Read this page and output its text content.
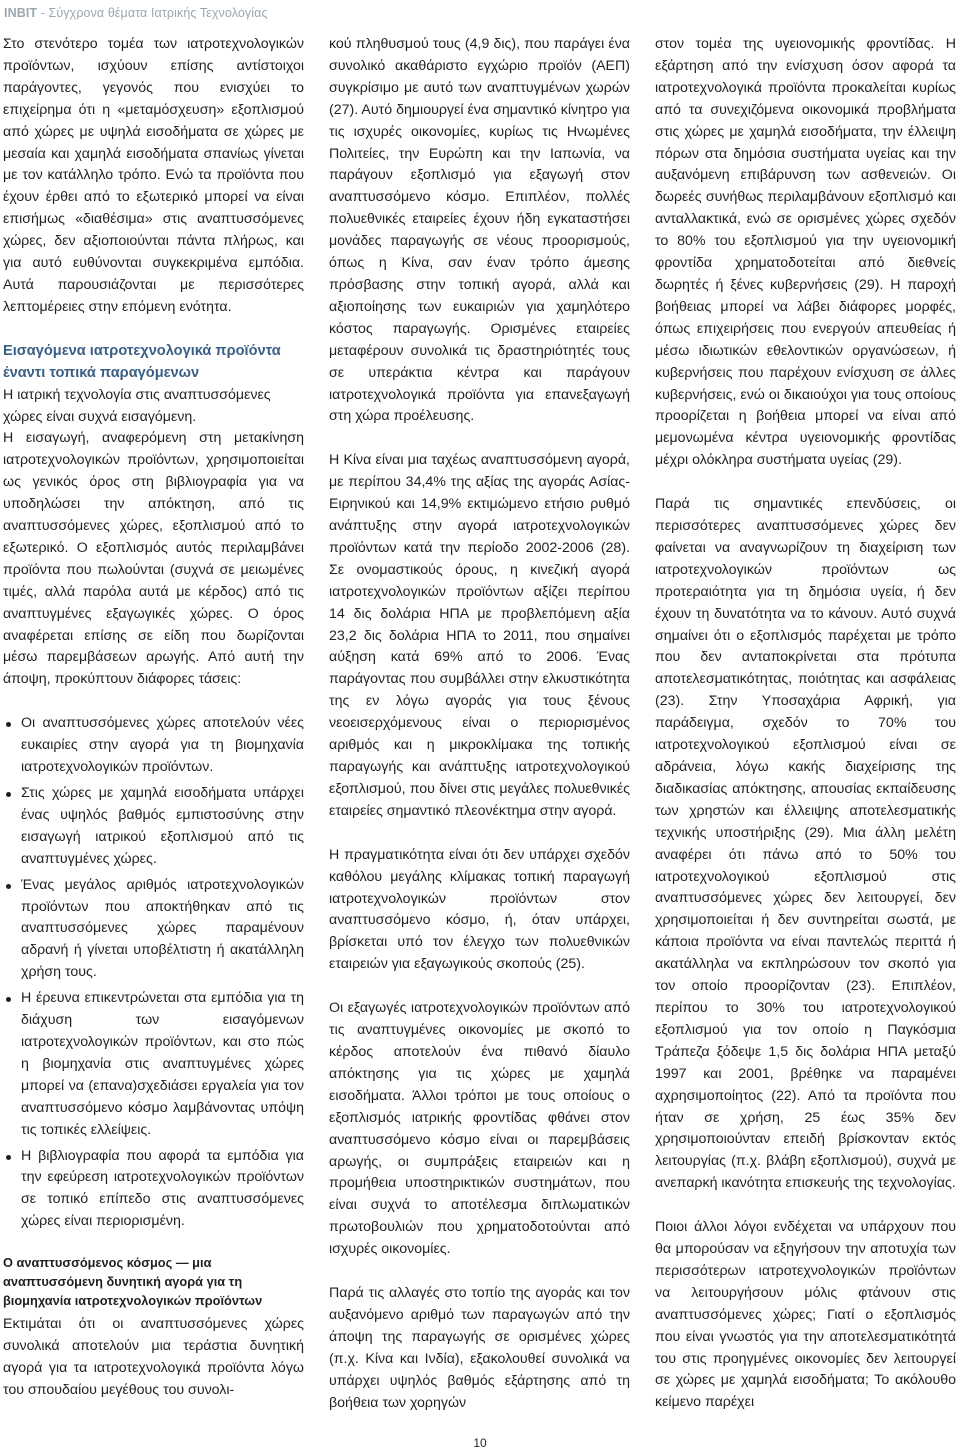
INBIT - Σύγχρονα θέματα Ιατρικής Τεχνολογίας

Στο στενότερο τομέα των ιατροτεχνολογικών προϊόντων, ισχύουν επίσης αντίστοιχοι παράγοντες, γεγονός που ενισχύει το επιχείρημα ότι η «μεταμόσχευση» εξοπλισμού από χώρες με υψηλά εισοδήματα σε χώρες με μεσαία και χαμηλά εισοδήματα σπανίως γίνεται με τον κατάλληλο τρόπο. Ενώ τα προϊόντα που έχουν έρθει από το εξωτερικό μπορεί να είναι επισήμως «διαθέσιμα» στις αναπτυσσόμενες χώρες, δεν αξιοποιούνται πάντα πλήρως, και για αυτό ευθύνονται συγκεκριμένα εμπόδια. Αυτά παρουσιάζονται με περισσότερες λεπτομέρειες στην επόμενη ενότητα.

Εισαγόμενα ιατροτεχνολογικά προϊόντα έναντι τοπικά παραγόμενων

Η ιατρική τεχνολογία στις αναπτυσσόμενες χώρες είναι συχνά εισαγόμενη.

Η εισαγωγή, αναφερόμενη στη μετακίνηση ιατροτεχνολογικών προϊόντων, χρησιμοποιείται ως γενικός όρος στη βιβλιογραφία για να υποδηλώσει την απόκτηση, από τις αναπτυσσόμενες χώρες, εξοπλισμού από το εξωτερικό. Ο εξοπλισμός αυτός περιλαμβάνει προϊόντα που πωλούνται (συχνά σε μειωμένες τιμές, αλλά παρόλα αυτά με κέρδος) από τις αναπτυγμένες εξαγωγικές χώρες. Ο όρος αναφέρεται επίσης σε είδη που δωρίζονται μέσω παρεμβάσεων αρωγής. Από αυτή την άποψη, προκύπτουν διάφορες τάσεις:

Οι αναπτυσσόμενες χώρες αποτελούν νέες ευκαιρίες στην αγορά για τη βιομηχανία ιατροτεχνολογικών προϊόντων.
Στις χώρες με χαμηλά εισοδήματα υπάρχει ένας υψηλός βαθμός εμπιστοσύνης στην εισαγωγή ιατρικού εξοπλισμού από τις αναπτυγμένες χώρες.
Ένας μεγάλος αριθμός ιατροτεχνολογικών προϊόντων που αποκτήθηκαν από τις αναπτυσσόμενες χώρες παραμένουν αδρανή ή γίνεται υποβέλτιστη ή ακατάλληλη χρήση τους.
Η έρευνα επικεντρώνεται στα εμπόδια για τη διάχυση των εισαγόμενων ιατροτεχνολογικών προϊόντων, και στο πώς η βιομηχανία στις αναπτυγμένες χώρες μπορεί να (επανα)σχεδιάσει εργαλεία για τον αναπτυσσόμενο κόσμο λαμβάνοντας υπόψη τις τοπικές ελλείψεις.
Η βιβλιογραφία που αφορά τα εμπόδια για την εφεύρεση ιατροτεχνολογικών προϊόντων σε τοπικό επίπεδο στις αναπτυσσόμενες χώρες είναι περιορισμένη.
Ο αναπτυσσόμενος κόσμος — μια αναπτυσσόμενη δυνητική αγορά για τη βιομηχανία ιατροτεχνολογικών προϊόντων

Εκτιμάται ότι οι αναπτυσσόμενες χώρες συνολικά αποτελούν μια τεράστια δυνητική αγορά για τα ιατροτεχνολογικά προϊόντα λόγω του σπουδαίου μεγέθους του συνολι-

κού πληθυσμού τους (4,9 δις), που παράγει ένα συνολικό ακαθάριστο εγχώριο προϊόν (ΑΕΠ) συγκρίσιμο με αυτό των αναπτυγμένων χωρών (27). Αυτό δημιουργεί ένα σημαντικό κίνητρο για τις ισχυρές οικονομίες, κυρίως τις Ηνωμένες Πολιτείες, την Ευρώπη και την Ιαπωνία, να παράγουν εξοπλισμό για εξαγωγή στον αναπτυσσόμενο κόσμο. Επιπλέον, πολλές πολυεθνικές εταιρείες έχουν ήδη εγκαταστήσει μονάδες παραγωγής σε νέους προορισμούς, όπως η Κίνα, σαν έναν τρόπο άμεσης πρόσβασης στην τοπική αγορά, αλλά και αξιοποίησης των ευκαιριών για χαμηλότερο κόστος παραγωγής. Ορισμένες εταιρείες μεταφέρουν συνολικά τις δραστηριότητές τους σε υπεράκτια κέντρα και παράγουν ιατροτεχνολογικά προϊόντα για επανεξαγωγή στη χώρα προέλευσης.

Η Κίνα είναι μια ταχέως αναπτυσσόμενη αγορά, με περίπου 34,4% της αξίας της αγοράς Ασίας-Ειρηνικού και 14,9% εκτιμώμενο ετήσιο ρυθμό ανάπτυξης στην αγορά ιατροτεχνολογικών προϊόντων κατά την περίοδο 2002-2006 (28). Σε ονομαστικούς όρους, η κινεζική αγορά ιατροτεχνολογικών προϊόντων αξίζει περίπου 14 δις δολάρια ΗΠΑ με προβλεπόμενη αξία 23,2 δις δολάρια ΗΠΑ το 2011, που σημαίνει αύξηση κατά 69% από το 2006. Ένας παράγοντας που συμβάλλει στην ελκυστικότητα της εν λόγω αγοράς για τους ξένους νεοεισερχόμενους είναι ο περιορισμένος αριθμός και η μικροκλίμακα της τοπικής παραγωγής και ανάπτυξης ιατροτεχνολογικού εξοπλισμού, που δίνει στις μεγάλες πολυεθνικές εταιρείες σημαντικό πλεονέκτημα στην αγορά.

Η πραγματικότητα είναι ότι δεν υπάρχει σχεδόν καθόλου μεγάλης κλίμακας τοπική παραγωγή ιατροτεχνολογικών προϊόντων στον αναπτυσσόμενο κόσμο, ή, όταν υπάρχει, βρίσκεται υπό τον έλεγχο των πολυεθνικών εταιρειών για εξαγωγικούς σκοπούς (25).

Οι εξαγωγές ιατροτεχνολογικών προϊόντων από τις αναπτυγμένες οικονομίες με σκοπό το κέρδος αποτελούν ένα πιθανό δίαυλο απόκτησης για τις χώρες με χαμηλά εισοδήματα. Άλλοι τρόποι με τους οποίους ο εξοπλισμός ιατρικής φροντίδας φθάνει στον αναπτυσσόμενο κόσμο είναι οι παρεμβάσεις αρωγής, οι συμπράξεις εταιρειών και η προμήθεια υποστηρικτικών συστημάτων, που είναι συχνά το αποτέλεσμα διπλωματικών πρωτοβουλιών που χρηματοδοτούνται από ισχυρές οικονομίες.

Παρά τις αλλαγές στο τοπίο της αγοράς και τον αυξανόμενο αριθμό των παραγωγών από την άποψη της παραγωγής σε ορισμένες χώρες (π.χ. Κίνα και Ινδία), εξακολουθεί συνολικά να υπάρχει υψηλός βαθμός εξάρτησης από τη βοήθεια των χορηγών

στον τομέα της υγειονομικής φροντίδας. Η εξάρτηση από την ενίσχυση όσον αφορά τα ιατροτεχνολογικά προϊόντα προκαλείται κυρίως από τα συνεχιζόμενα οικονομικά προβλήματα στις χώρες με χαμηλά εισοδήματα, την έλλειψη πόρων στα δημόσια συστήματα υγείας και την αυξανόμενη επιβάρυνση των ασθενειών. Οι δωρεές συνήθως περιλαμβάνουν εξοπλισμό και ανταλλακτικά, ενώ σε ορισμένες χώρες σχεδόν το 80% του εξοπλισμού για την υγειονομική φροντίδα χρηματοδοτείται από διεθνείς δωρητές ή ξένες κυβερνήσεις (29). Η παροχή βοήθειας μπορεί να λάβει διάφορες μορφές, όπως επιχειρήσεις που ενεργούν απευθείας ή μέσω ιδιωτικών εθελοντικών οργανώσεων, ή κυβερνήσεις που παρέχουν ενίσχυση σε άλλες κυβερνήσεις, ενώ οι δικαιούχοι για τους οποίους προορίζεται η βοήθεια μπορεί να είναι από μεμονωμένα κέντρα υγειονομικής φροντίδας μέχρι ολόκληρα συστήματα υγείας (29).

Παρά τις σημαντικές επενδύσεις, οι περισσότερες αναπτυσσόμενες χώρες δεν φαίνεται να αναγνωρίζουν τη διαχείριση των ιατροτεχνολογικών προϊόντων ως προτεραιότητα για τη δημόσια υγεία, ή δεν έχουν τη δυνατότητα να το κάνουν. Αυτό συχνά σημαίνει ότι ο εξοπλισμός παρέχεται με τρόπο που δεν ανταποκρίνεται στα πρότυπα αποτελεσματικότητας, ποιότητας και ασφάλειας (23). Στην Υποσαχάρια Αφρική, για παράδειγμα, σχεδόν το 70% του ιατροτεχνολογικού εξοπλισμού είναι σε αδράνεια, λόγω κακής διαχείρισης της διαδικασίας απόκτησης, απουσίας εκπαίδευσης των χρηστών και έλλειψης αποτελεσματικής τεχνικής υποστήριξης (29). Μια άλλη μελέτη αναφέρει ότι πάνω από το 50% του ιατροτεχνολογικού εξοπλισμού στις αναπτυσσόμενες χώρες δεν λειτουργεί, δεν χρησιμοποιείται ή δεν συντηρείται σωστά, με κάποια προϊόντα να είναι παντελώς περιττά ή ακατάλληλα να εκπληρώσουν τον σκοπό για τον οποίο προορίζονταν (23). Επιπλέον, περίπου το 30% του ιατροτεχνολογικού εξοπλισμού για τον οποίο η Παγκόσμια Τράπεζα ξόδεψε 1,5 δις δολάρια ΗΠΑ μεταξύ 1997 και 2001, βρέθηκε να παραμένει αχρησιμοποίητος (22). Από τα προϊόντα που ήταν σε χρήση, 25 έως 35% δεν χρησιμοποιούνταν επειδή βρίσκονταν εκτός λειτουργίας (π.χ. βλάβη εξοπλισμού), συχνά με ανεπαρκή ικανότητα επισκευής της τεχνολογίας.

Ποιοι άλλοι λόγοι ενδέχεται να υπάρχουν που θα μπορούσαν να εξηγήσουν την αποτυχία των περισσότερων ιατροτεχνολογικών προϊόντων να λειτουργήσουν μόλις φτάνουν στις αναπτυσσόμενες χώρες; Γιατί ο εξοπλισμός που είναι γνωστός για την αποτελεσματικότητά του στις προηγμένες οικονομίες δεν λειτουργεί σε χώρες με χαμηλά εισοδήματα; Το ακόλουθο κείμενο παρέχει

10
